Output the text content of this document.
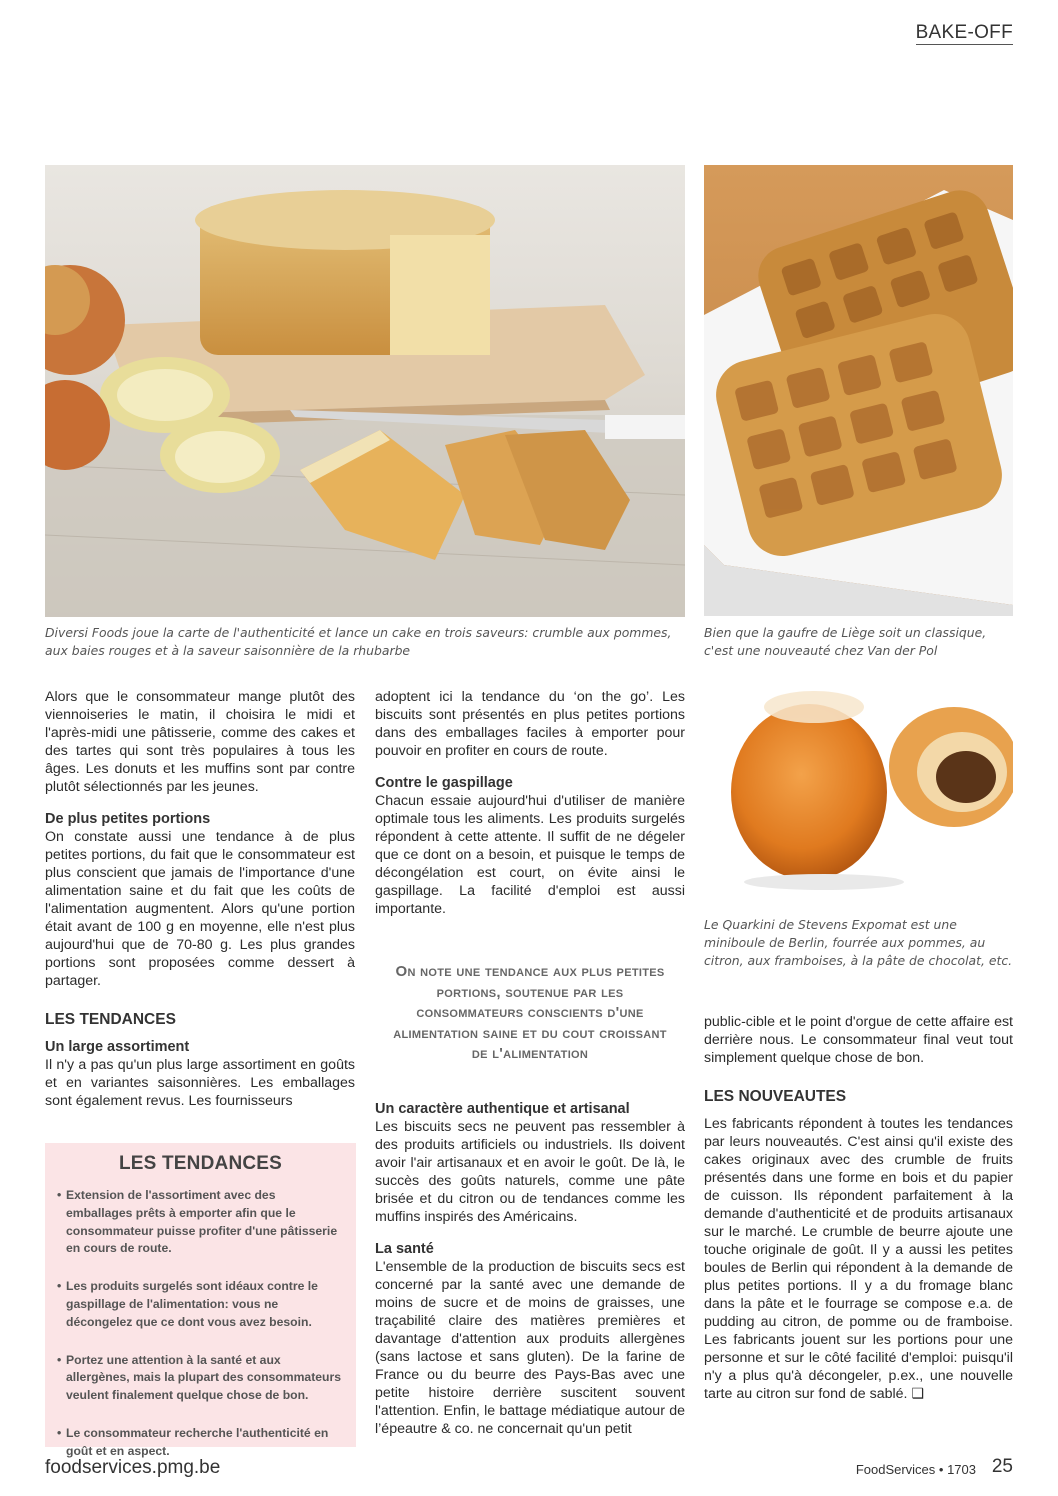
BAKE-OFF
Diversi Foods joue la carte de l'authenticité et lance un cake en trois saveurs: crumble aux pommes, aux baies rouges et à la saveur saisonnière de la rhubarbe
Bien que la gaufre de Liège soit un classique, c'est une nouveauté chez Van der Pol
Le Quarkini de Stevens Expomat est une miniboule de Berlin, fourrée aux pommes, au citron, aux framboises, à la pâte de chocolat, etc.

Alors que le consommateur mange plutôt des viennoiseries le matin, il choisira le midi et l'après-midi une pâtisserie, comme des cakes et des tartes qui sont très populaires à tous les âges. Les donuts et les muffins sont par contre plutôt sélectionnés par les jeunes.

De plus petites portions

On constate aussi une tendance à de plus petites portions, du fait que le consommateur est plus conscient que jamais de l'importance d'une alimentation saine et du fait que les coûts de l'alimentation augmentent. Alors qu'une portion était avant de 100 g en moyenne, elle n'est plus aujourd'hui que de 70-80 g. Les plus grandes portions sont proposées comme dessert à partager.

LES TENDANCES
Un large assortiment

Il n'y a pas qu'un plus large assortiment en goûts et en variantes saisonnières. Les emballages sont également revus. Les fournisseurs

adoptent ici la tendance du ‘on the go’. Les biscuits sont présentés en plus petites portions dans des emballages faciles à emporter pour pouvoir en profiter en cours de route.

Contre le gaspillage

Chacun essaie aujourd'hui d'utiliser de manière optimale tous les aliments. Les produits surgelés répondent à cette attente. Il suffit de ne dégeler que ce dont on a besoin, et puisque le temps de décongélation est court, on évite ainsi le gaspillage. La facilité d'emploi est aussi importante.

On note une tendance aux plus petites portions, soutenue par les consommateurs conscients d'une alimentation saine et du cout croissant de l'alimentation
Un caractère authentique et artisanal

Les biscuits secs ne peuvent pas ressembler à des produits artificiels ou industriels. Ils doivent avoir l'air artisanaux et en avoir le goût. De là, le succès des goûts naturels, comme une pâte brisée et du citron ou de tendances comme les muffins inspirés des Américains.

La santé

L'ensemble de la production de biscuits secs est concerné par la santé avec une demande de moins de sucre et de moins de graisses, une traçabilité claire des matières premières et davantage d'attention aux produits allergènes (sans lactose et sans gluten). De la farine de France ou du beurre des Pays-Bas avec une petite histoire derrière suscitent souvent l'attention. Enfin, le battage médiatique autour de l’épeautre & co. ne concernait qu'un petit

public-cible et le point d'orgue de cette affaire est derrière nous. Le consommateur final veut tout simplement quelque chose de bon.

LES NOUVEAUTES

Les fabricants répondent à toutes les tendances par leurs nouveautés. C'est ainsi qu'il existe des cakes originaux avec des crumble de fruits présentés dans une forme en bois et du papier de cuisson. Ils répondent parfaitement à la demande d'authenticité et de produits artisanaux sur le marché. Le crumble de beurre ajoute une touche originale de goût. Il y a aussi les petites boules de Berlin qui répondent à la demande de plus petites portions. Il y a du fromage blanc dans la pâte et le fourrage se compose e.a. de pudding au citron, de pomme ou de framboise. Les fabricants jouent sur les portions pour une personne et sur le côté facilité d'emploi: puisqu'il n'y a plus qu'à décongeler, p.ex., une nouvelle tarte au citron sur fond de sablé. ❑

LES TENDANCES
• Extension de l'assortiment avec des emballages prêts à emporter afin que le consommateur puisse profiter d'une pâtisserie en cours de route.
• Les produits surgelés sont idéaux contre le gaspillage de l'alimentation: vous ne décongelez que ce dont vous avez besoin.
• Portez une attention à la santé et aux allergènes, mais la plupart des consommateurs veulent finalement quelque chose de bon.
• Le consommateur recherche l'authenticité en goût et en aspect.
foodservices.pmg.be	FoodServices • 1703 25
